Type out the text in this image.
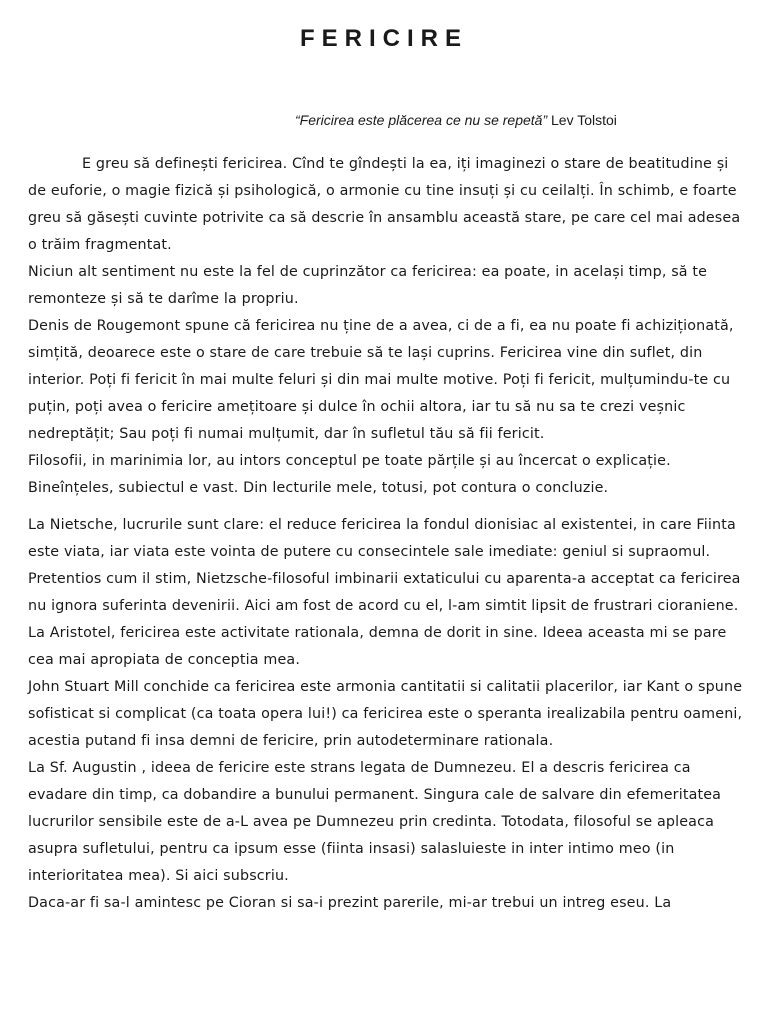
FERICIRE
“Fericirea este plăcerea ce nu se repetă” Lev Tolstoi

E greu să definești fericirea. Cînd te gîndești la ea, iți imaginezi o stare de beatitudine și de euforie, o magie fizică și psihologică, o armonie cu tine insuți și cu ceilalți. În schimb, e foarte greu să găsești cuvinte potrivite ca să descrie în ansamblu această stare, pe care cel mai adesea o trăim fragmentat.

Niciun alt sentiment nu este la fel de cuprinzător ca fericirea: ea poate, in același timp, să te remonteze și să te darîme la propriu.

Denis de Rougemont spune că fericirea nu ține de a avea, ci de a fi, ea nu poate fi achiziționată, simțită, deoarece este o stare de care trebuie să te lași cuprins. Fericirea vine din suflet, din interior. Poți fi fericit în mai multe feluri și din mai multe motive. Poți fi fericit, mulțumindu-te cu puțin, poți avea o fericire amețitoare și dulce în ochii altora, iar tu să nu sa te crezi veșnic nedreptățit; Sau poți fi numai mulțumit, dar în sufletul tău să fii fericit.

Filosofii, in marinimia lor, au intors conceptul pe toate părțile și au încercat o explicație. Bineînțeles, subiectul e vast. Din lecturile mele, totusi, pot contura o concluzie.

La Nietsche, lucrurile sunt clare: el reduce fericirea la fondul dionisiac al existentei, in care Fiinta este viata, iar viata este vointa de putere cu consecintele sale imediate: geniul si supraomul. Pretentios cum il stim, Nietzsche-filosoful imbinarii extaticului cu aparenta-a acceptat ca fericirea nu ignora suferinta devenirii. Aici am fost de acord cu el, l-am simtit lipsit de frustrari cioraniene.

La Aristotel, fericirea este activitate rationala, demna de dorit in sine. Ideea aceasta mi se pare cea mai apropiata de conceptia mea.

John Stuart Mill conchide ca fericirea este armonia cantitatii si calitatii placerilor, iar Kant o spune sofisticat si complicat (ca toata opera lui!) ca fericirea este o speranta irealizabila pentru oameni, acestia putand fi insa demni de fericire, prin autodeterminare rationala.

La Sf. Augustin , ideea de fericire este strans legata de Dumnezeu. El a descris fericirea ca evadare din timp, ca dobandire a bunului permanent. Singura cale de salvare din efemeritatea lucrurilor sensibile este de a-L avea pe Dumnezeu prin credinta. Totodata, filosoful se apleaca asupra sufletului, pentru ca ipsum esse (fiinta insasi) salasluieste in inter intimo meo (in interioritatea mea). Si aici subscriu.

Daca-ar fi sa-l amintesc pe Cioran si sa-i prezint parerile, mi-ar trebui un intreg eseu. La
